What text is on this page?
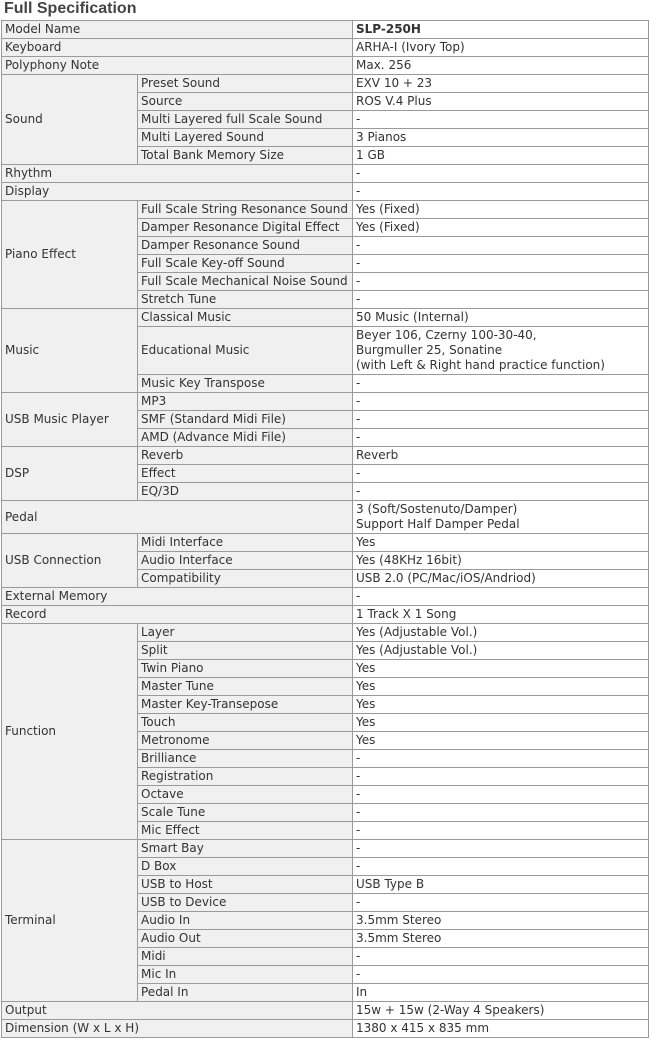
Full Specification
Model Name		SLP-250H
Keyboard		ARHA-I (Ivory Top)
Polyphony Note		Max. 256
Sound	Preset Sound	EXV 10 + 23
	Source	ROS V.4 Plus
	Multi Layered full Scale Sound	-
	Multi Layered Sound	3 Pianos
	Total Bank Memory Size	1 GB
Rhythm		-
Display		-
Piano Effect	Full Scale String Resonance Sound	Yes (Fixed)
	Damper Resonance Digital Effect	Yes (Fixed)
	Damper Resonance Sound	-
	Full Scale Key-off Sound	-
	Full Scale Mechanical Noise Sound	-
	Stretch Tune	-
Music	Classical Music	50 Music (Internal)
	Educational Music	Beyer 106, Czerny 100-30-40,
Burgmuller 25, Sonatine
(with Left & Right hand practice function)

	Music Key Transpose	-
USB Music Player	MP3	-
	SMF (Standard Midi File)	-
	AMD (Advance Midi File)	-
DSP	Reverb	Reverb
	Effect	-
	EQ/3D	-
Pedal		3 (Soft/Sostenuto/Damper)
Support Half Damper Pedal

USB Connection	Midi Interface	Yes
	Audio Interface	Yes (48KHz 16bit)
	Compatibility	USB 2.0 (PC/Mac/iOS/Andriod)
External Memory		-
Record		1 Track X 1 Song
Function	Layer	Yes (Adjustable Vol.)
	Split	Yes (Adjustable Vol.)
	Twin Piano	Yes
	Master Tune	Yes
	Master Key-Transepose	Yes
	Touch	Yes
	Metronome	Yes
	Brilliance	-
	Registration	-
	Octave	-
	Scale Tune	-
	Mic Effect	-
Terminal	Smart Bay	-
	D Box	-
	USB to Host	USB Type B
	USB to Device	-
	Audio In	3.5mm Stereo
	Audio Out	3.5mm Stereo
	Midi	-
	Mic In	-
	Pedal In	In
Output		15w + 15w (2-Way 4 Speakers)
Dimension (W x L x H)		1380 x 415 x 835 mm
